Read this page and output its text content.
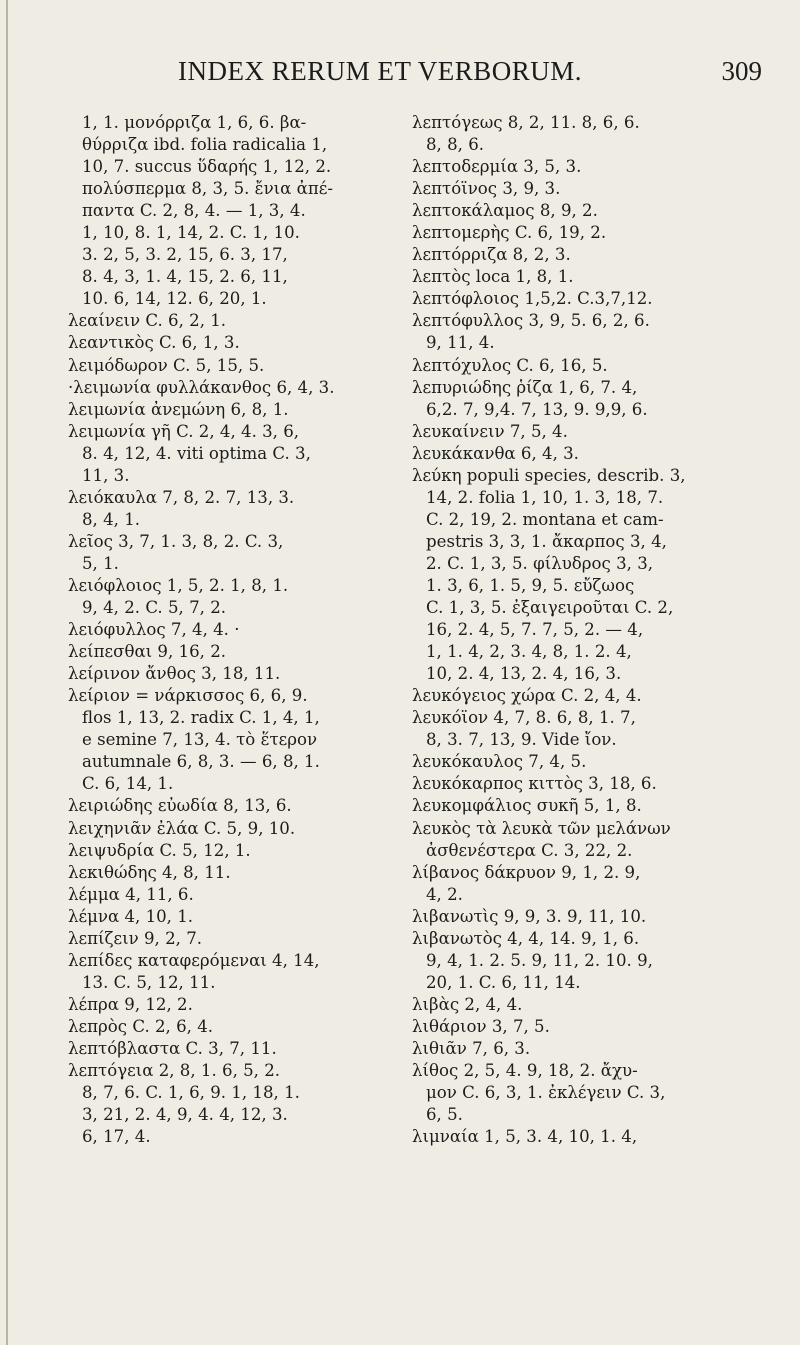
INDEX RERUM ET VERBORUM.	309
1, 1. μονόρριζα 1, 6, 6. βα-
θύρριζα ibd. folia radicalia 1,
10, 7. succus ὕδαρής 1, 12, 2.
πολύσπερμα 8, 3, 5. ἔνια ἀπέ-
παντα C. 2, 8, 4. — 1, 3, 4.
1, 10, 8. 1, 14, 2. C. 1, 10.
3. 2, 5, 3. 2, 15, 6. 3, 17,
8. 4, 3, 1. 4, 15, 2. 6, 11,
10. 6, 14, 12. 6, 20, 1.
λεαίνειν C. 6, 2, 1.
λεαντικὸς C. 6, 1, 3.
λειμόδωρον C. 5, 15, 5.
·λειμωνία φυλλάκανθος 6, 4, 3.
λειμωνία ἀνεμώνη 6, 8, 1.
λειμωνία γῆ C. 2, 4, 4. 3, 6,
8. 4, 12, 4. viti optima C. 3,
11, 3.
λειόκαυλα 7, 8, 2. 7, 13, 3.
8, 4, 1.
λεῖος 3, 7, 1. 3, 8, 2. C. 3,
5, 1.
λειόφλοιος 1, 5, 2. 1, 8, 1.
9, 4, 2. C. 5, 7, 2.
λειόφυλλος 7, 4, 4. ·
λείπεσθαι 9, 16, 2.
λείρινον ἄνθος 3, 18, 11.
λείριον = νάρκισσος 6, 6, 9.
flos 1, 13, 2. radix C. 1, 4, 1,
e semine 7, 13, 4. τὸ ἕτερον
autumnale 6, 8, 3. — 6, 8, 1.
C. 6, 14, 1.
λειριώδης εὐωδία 8, 13, 6.
λειχηνιᾶν ἐλάα C. 5, 9, 10.
λειψυδρία C. 5, 12, 1.
λεκιθώδης 4, 8, 11.
λέμμα 4, 11, 6.
λέμνα 4, 10, 1.
λεπίζειν 9, 2, 7.
λεπίδες καταφερόμεναι 4, 14,
13. C. 5, 12, 11.
λέπρα 9, 12, 2.
λεπρὸς C. 2, 6, 4.
λεπτόβλαστα C. 3, 7, 11.
λεπτόγεια 2, 8, 1. 6, 5, 2.
8, 7, 6. C. 1, 6, 9. 1, 18, 1.
3, 21, 2. 4, 9, 4. 4, 12, 3.
6, 17, 4.
λεπτόγεως 8, 2, 11. 8, 6, 6.
8, 8, 6.
λεπτοδερμία 3, 5, 3.
λεπτόϊνος 3, 9, 3.
λεπτοκάλαμος 8, 9, 2.
λεπτομερὴς C. 6, 19, 2.
λεπτόρριζα 8, 2, 3.
λεπτὸς loca 1, 8, 1.
λεπτόφλοιος 1,5,2. C.3,7,12.
λεπτόφυλλος 3, 9, 5. 6, 2, 6.
9, 11, 4.
λεπτόχυλος C. 6, 16, 5.
λεπυριώδης ῥίζα 1, 6, 7. 4,
6,2. 7, 9,4. 7, 13, 9. 9,9, 6.
λευκαίνειν 7, 5, 4.
λευκάκανθα 6, 4, 3.
λεύκη populi species, describ. 3,
14, 2. folia 1, 10, 1. 3, 18, 7.
C. 2, 19, 2. montana et cam-
pestris 3, 3, 1. ἄκαρπος 3, 4,
2. C. 1, 3, 5. φίλυδρος 3, 3,
1. 3, 6, 1. 5, 9, 5. εὔζωος
C. 1, 3, 5. ἐξαιγειροῦται C. 2,
16, 2. 4, 5, 7. 7, 5, 2. — 4,
1, 1. 4, 2, 3. 4, 8, 1. 2. 4,
10, 2. 4, 13, 2. 4, 16, 3.
λευκόγειος χώρα C. 2, 4, 4.
λευκόϊον 4, 7, 8. 6, 8, 1. 7,
8, 3. 7, 13, 9. Vide ἴον.
λευκόκαυλος 7, 4, 5.
λευκόκαρπος κιττὸς 3, 18, 6.
λευκομφάλιος συκῆ 5, 1, 8.
λευκὸς τὰ λευκὰ τῶν μελάνων
ἀσθενέστερα C. 3, 22, 2.
λίβανος δάκρυον 9, 1, 2. 9,
4, 2.
λιβανωτὶς 9, 9, 3. 9, 11, 10.
λιβανωτὸς 4, 4, 14. 9, 1, 6.
9, 4, 1. 2. 5. 9, 11, 2. 10. 9,
20, 1. C. 6, 11, 14.
λιβὰς 2, 4, 4.
λιθάριον 3, 7, 5.
λιθιᾶν 7, 6, 3.
λίθος 2, 5, 4. 9, 18, 2. ἄχυ-
μον C. 6, 3, 1. ἐκλέγειν C. 3,
6, 5.
λιμναία 1, 5, 3. 4, 10, 1. 4,
